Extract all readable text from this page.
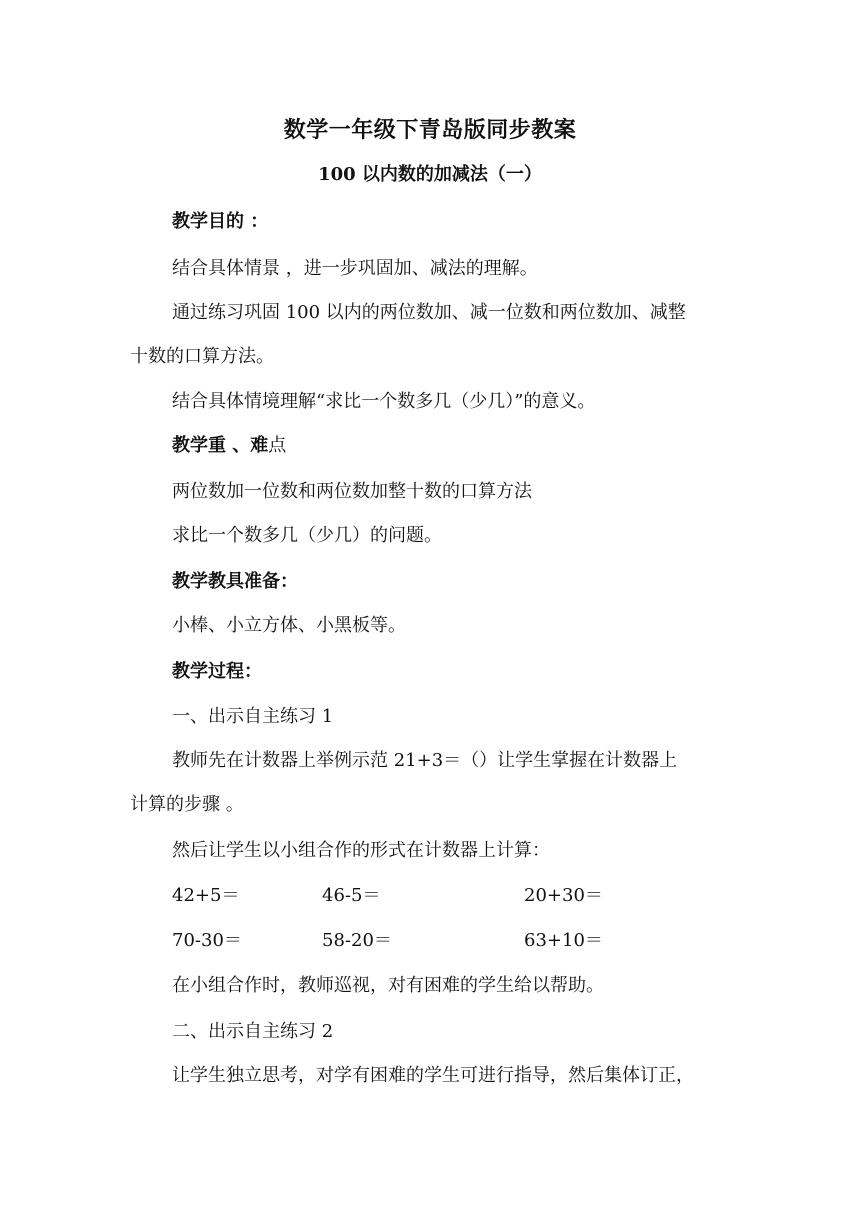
数学一年级下青岛版同步教案
100 以内数的加减法（一）
教学目的 ：
结合具体情景 ，进一步巩固加、减法的理解。
通过练习巩固 100 以内的两位数加、减一位数和两位数加、减整
十数的口算方法。
结合具体情境理解“求比一个数多几（少几）”的意义。
教学重 、难点
两位数加一位数和两位数加整十数的口算方法
求比一个数多几（少几）的问题。
教学教具准备：
小棒、小立方体、小黑板等。
教学过程：
一、出示自主练习 1
教师先在计数器上举例示范 21+3＝（）让学生掌握在计数器上
计算的步骤 。
然后让学生以小组合作的形式在计数器上计算：
42+5＝	46-5＝	20+30＝
70-30＝	58-20＝	63+10＝
在小组合作时，教师巡视，对有困难的学生给以帮助。
二、出示自主练习 2
让学生独立思考，对学有困难的学生可进行指导，然后集体订正，
